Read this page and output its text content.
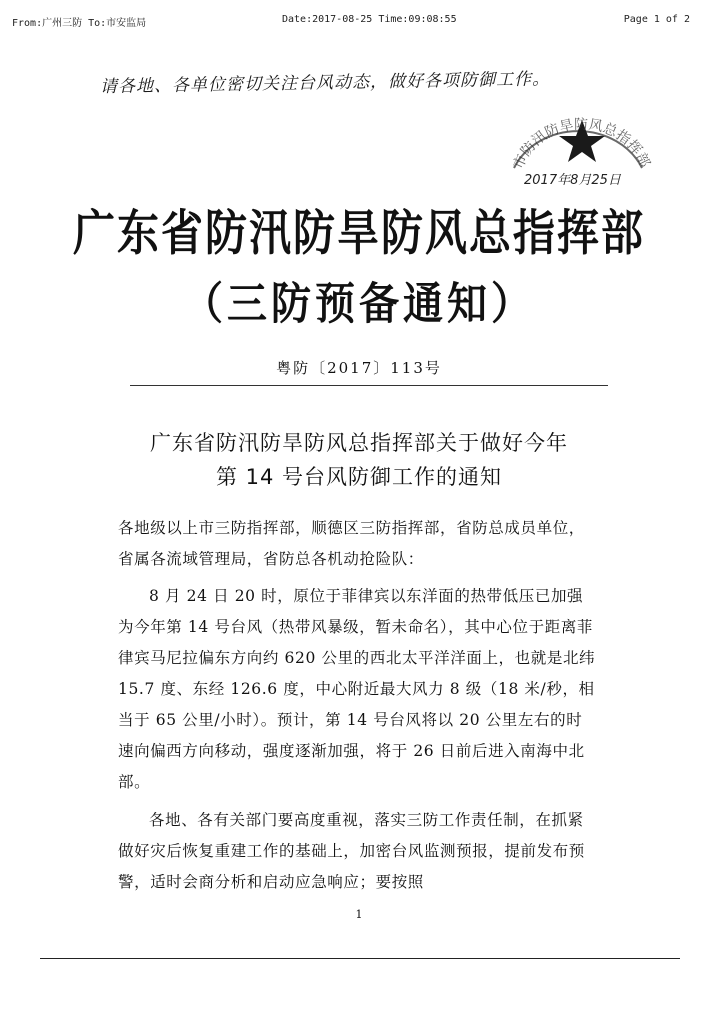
From:广州三防 To:市安监局	Date:2017-08-25 Time:09:08:55	Page 1 of 2
请各地、各单位密切关注台风动态，做好各项防御工作。
市防汛防旱防风总指挥部
2017年8月25日
广东省防汛防旱防风总指挥部
（三防预备通知）
粤防〔2017〕113号
广东省防汛防旱防风总指挥部关于做好今年
第 14 号台风防御工作的通知
各地级以上市三防指挥部，顺德区三防指挥部，省防总成员单位，省属各流域管理局，省防总各机动抢险队：
8 月 24 日 20 时，原位于菲律宾以东洋面的热带低压已加强为今年第 14 号台风（热带风暴级，暂未命名），其中心位于距离菲律宾马尼拉偏东方向约 620 公里的西北太平洋洋面上，也就是北纬 15.7 度、东经 126.6 度，中心附近最大风力 8 级（18 米/秒，相当于 65 公里/小时）。预计，第 14 号台风将以 20 公里左右的时速向偏西方向移动，强度逐渐加强，将于 26 日前后进入南海中北部。
各地、各有关部门要高度重视，落实三防工作责任制，在抓紧做好灾后恢复重建工作的基础上，加密台风监测预报，提前发布预警，适时会商分析和启动应急响应；要按照
1
